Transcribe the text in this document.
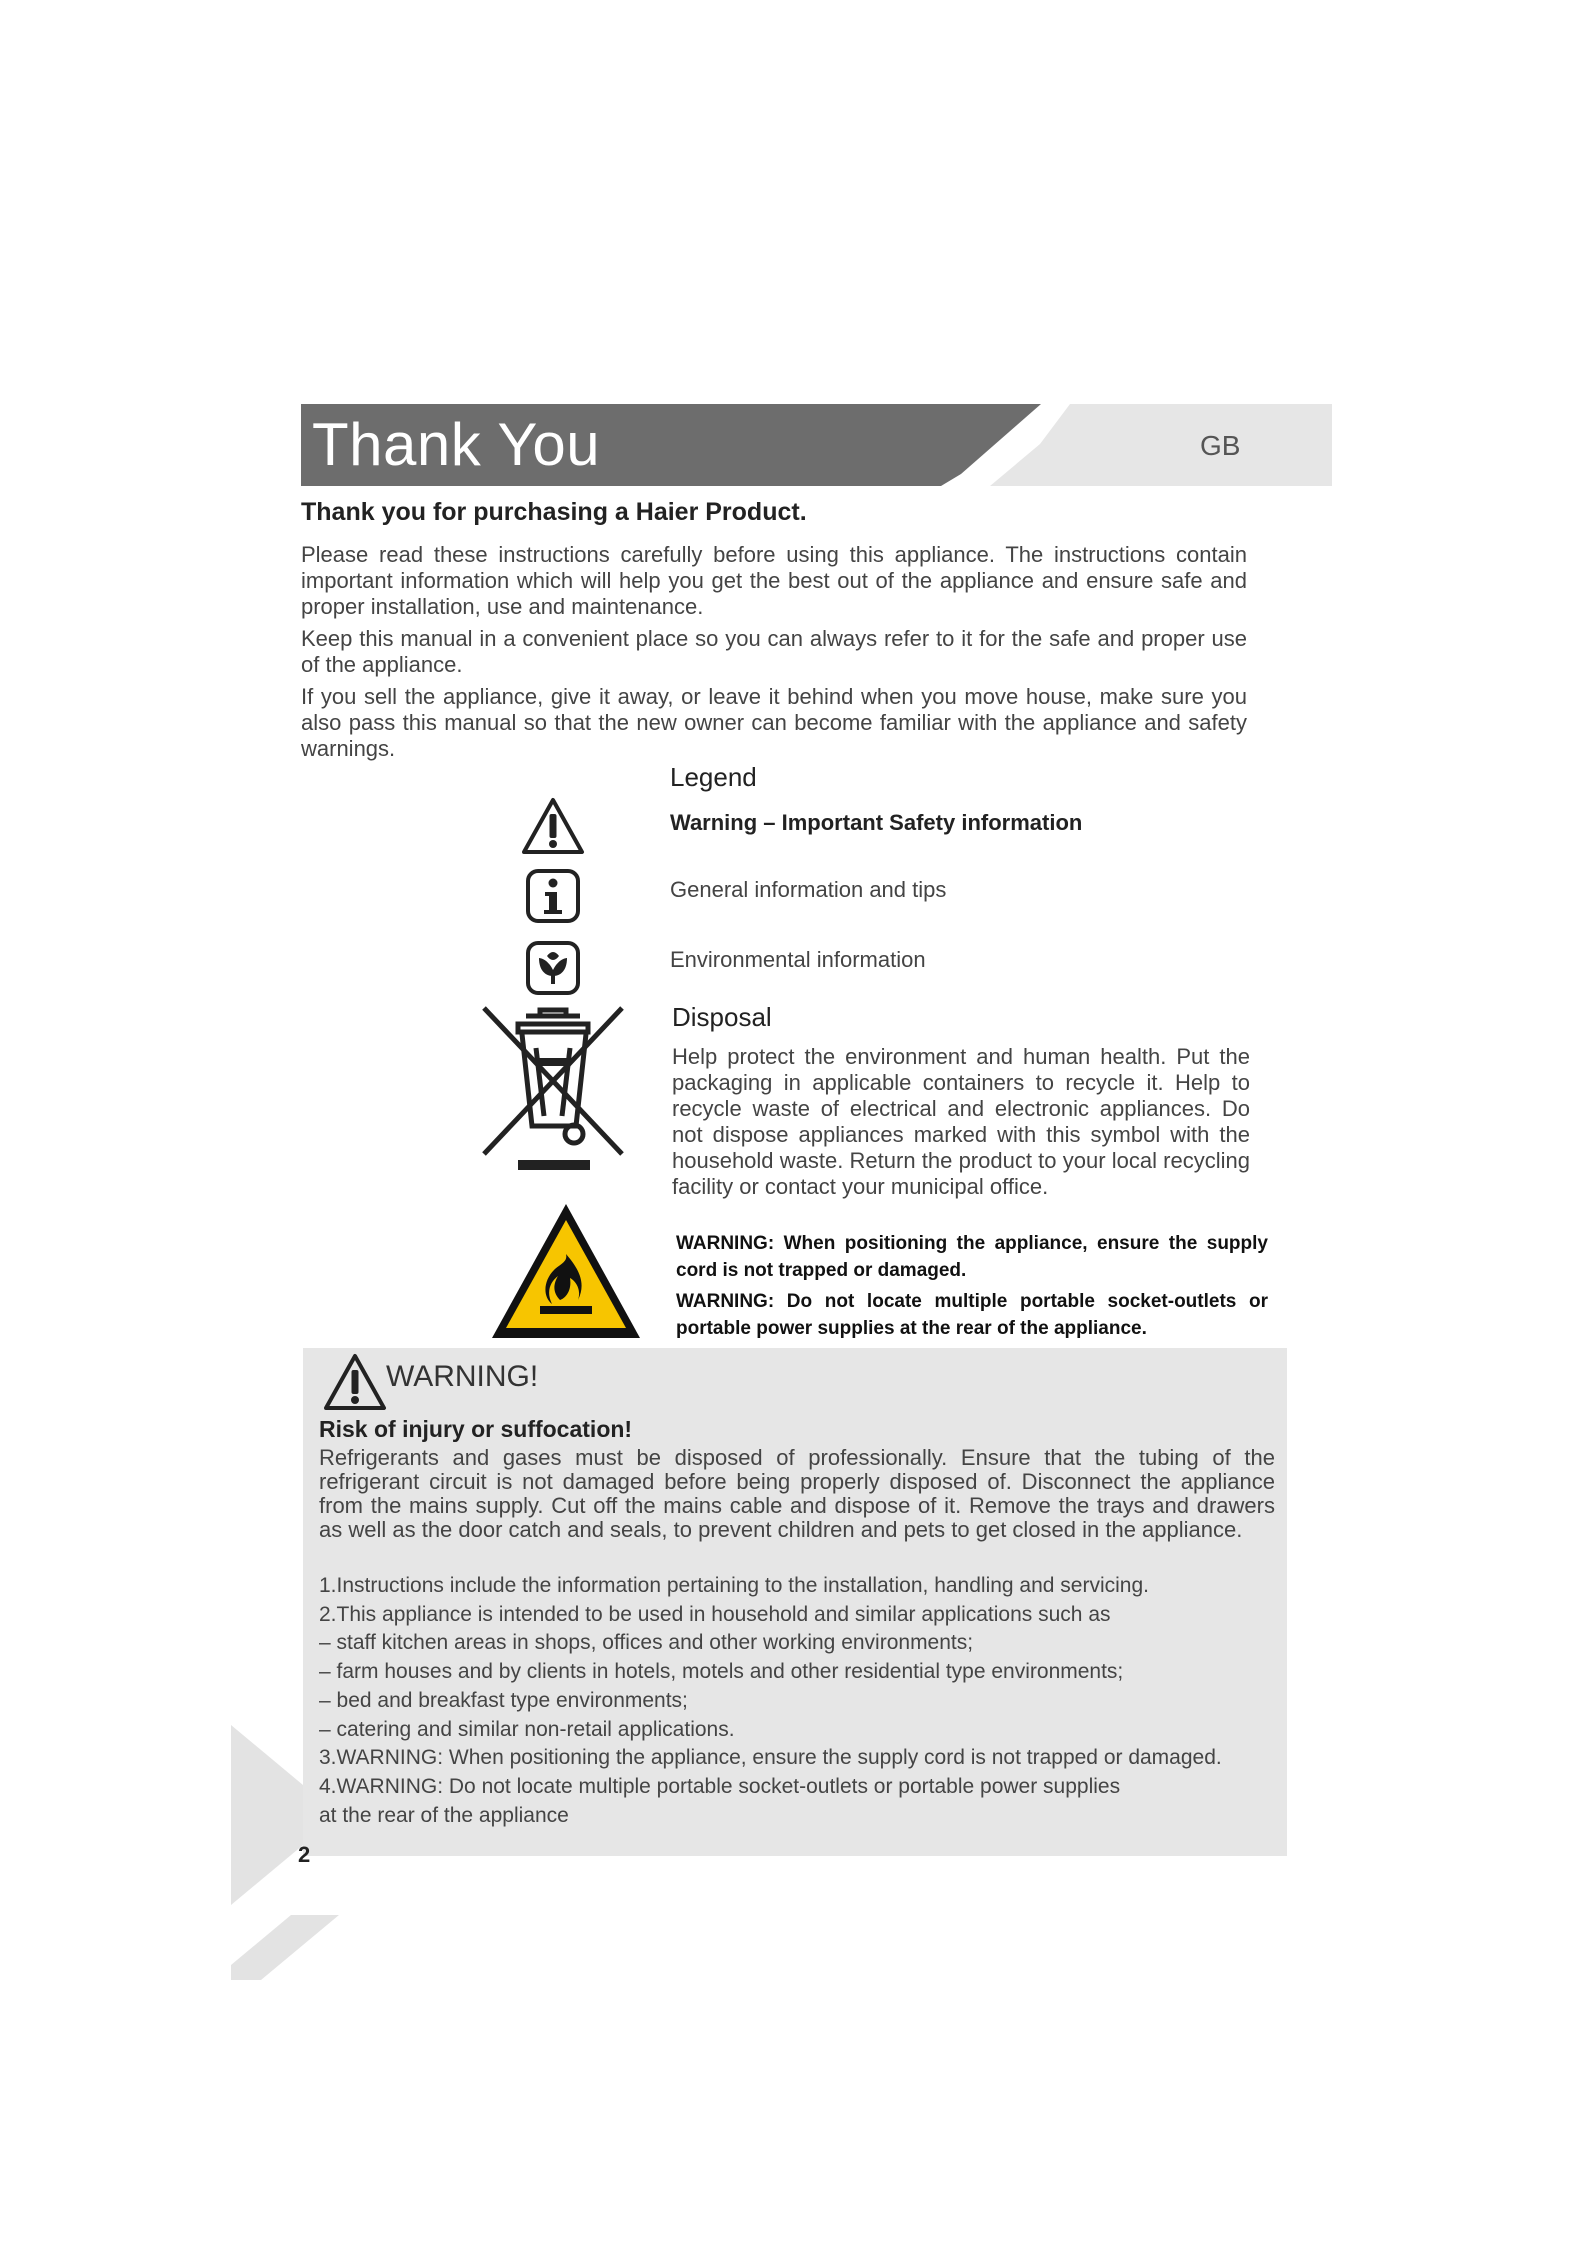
Thank You	GB
Thank you for purchasing a Haier Product.

Please read these instructions carefully before using this appliance. The instructions contain important information which will help you get the best out of the appliance and ensure safe and proper installation, use and maintenance.

Keep this manual in a convenient place so you can always refer to it for the safe and proper use of the appliance.

If you sell the appliance, give it away, or leave it behind when you move house, make sure you also pass this manual so that the new owner can become familiar with the appliance and safety warnings.

Legend
Warning – Important Safety information
General information and tips
Environmental information
Disposal

Help protect the environment and human health. Put the packaging in applicable containers to recycle it. Help to recycle waste of electrical and electronic appliances. Do not dispose appliances marked with this symbol with the household waste. Return the product to your local recycling facility or contact your municipal office.

WARNING: When positioning the appliance, ensure the supply cord is not trapped or damaged.

WARNING: Do not locate multiple portable socket-outlets or portable power supplies at the rear of the appliance.

WARNING!
Risk of injury or suffocation!

Refrigerants and gases must be disposed of professionally. Ensure that the tubing of the refrigerant circuit is not damaged before being properly disposed of. Disconnect the appliance from the mains supply. Cut off the mains cable and dispose of it. Remove the trays and drawers as well as the door catch and seals, to prevent children and pets to get closed in the appliance.

1.Instructions include the information pertaining to the installation, handling and servicing.
2.This appliance is intended to be used in household and similar applications such as
– staff kitchen areas in shops, offices and other working environments;
– farm houses and by clients in hotels, motels and other residential type environments;
– bed and breakfast type environments;
– catering and similar non-retail applications.
3.WARNING: When positioning the appliance, ensure the supply cord is not trapped or damaged.
4.WARNING: Do not locate multiple portable socket-outlets or portable power supplies
at the rear of the appliance
2
